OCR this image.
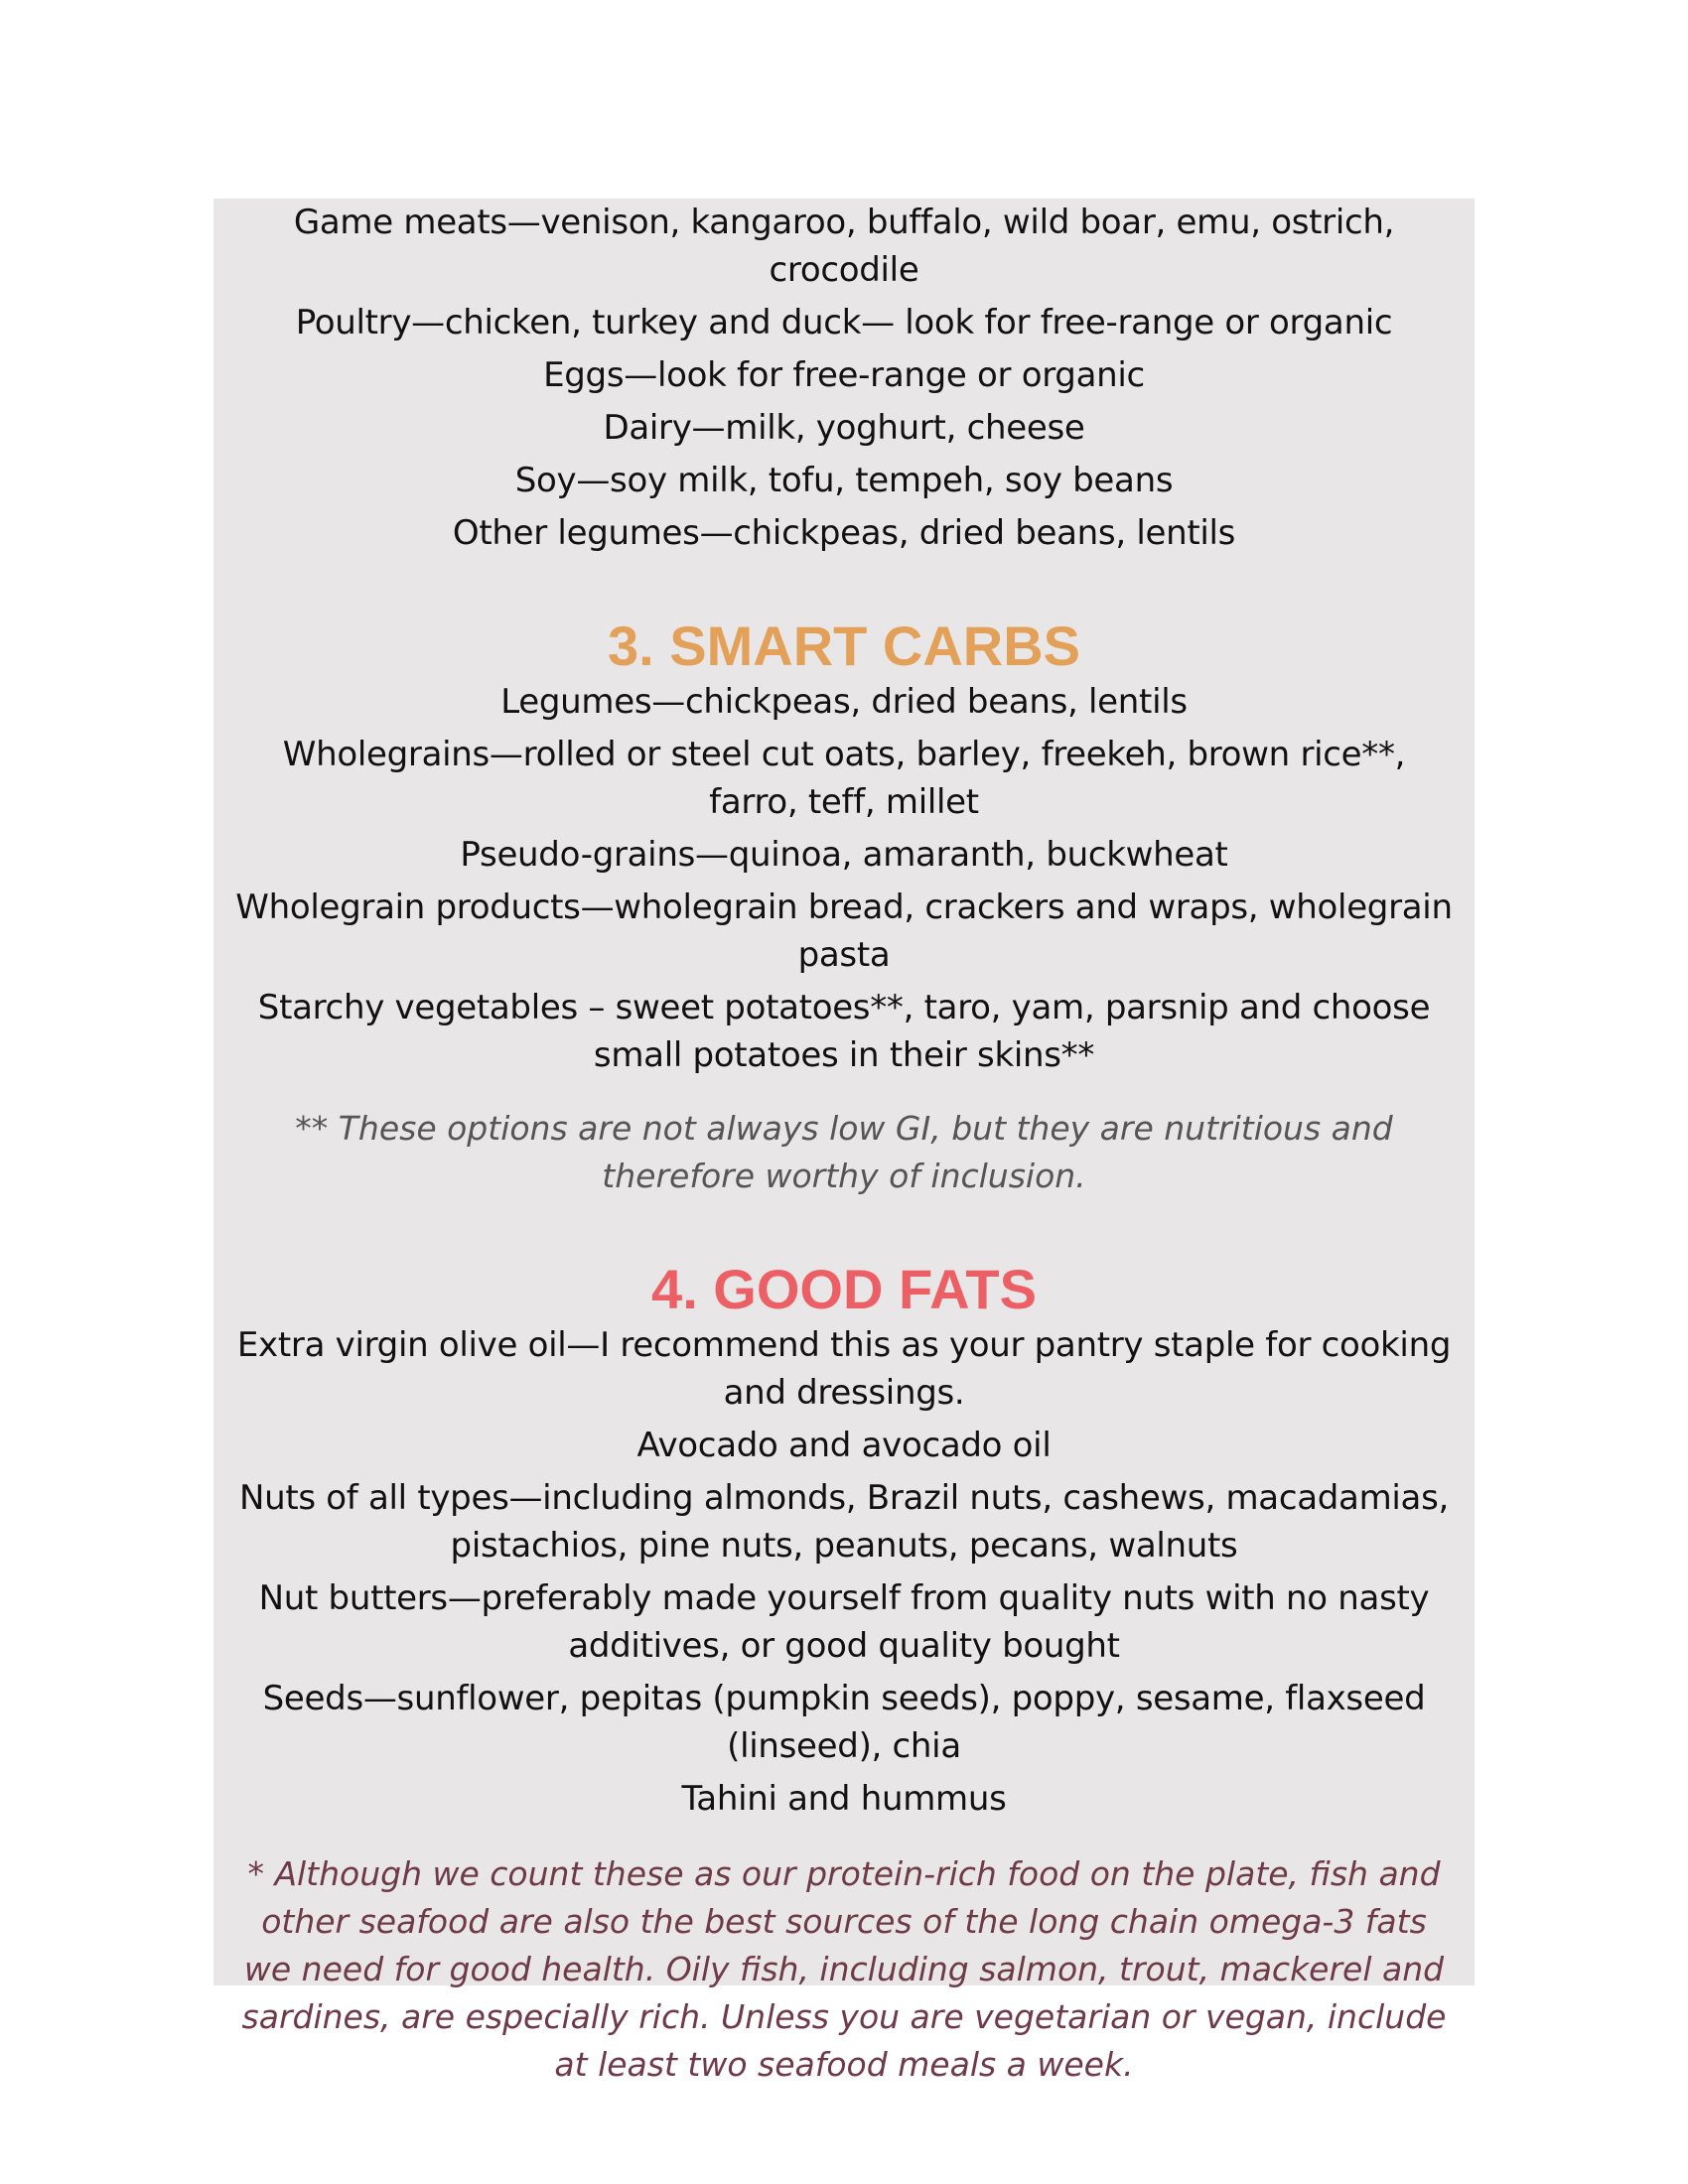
Game meats—venison, kangaroo, buffalo, wild boar, emu, ostrich, crocodile
Poultry—chicken, turkey and duck— look for free-range or organic
Eggs—look for free-range or organic
Dairy—milk, yoghurt, cheese
Soy—soy milk, tofu, tempeh, soy beans
Other legumes—chickpeas, dried beans, lentils
3. SMART CARBS
Legumes—chickpeas, dried beans, lentils
Wholegrains—rolled or steel cut oats, barley, freekeh, brown rice**, farro, teff, millet
Pseudo-grains—quinoa, amaranth, buckwheat
Wholegrain products—wholegrain bread, crackers and wraps, wholegrain pasta
Starchy vegetables – sweet potatoes**, taro, yam, parsnip and choose small potatoes in their skins**
** These options are not always low GI, but they are nutritious and therefore worthy of inclusion.
4. GOOD FATS
Extra virgin olive oil—I recommend this as your pantry staple for cooking and dressings.
Avocado and avocado oil
Nuts of all types—including almonds, Brazil nuts, cashews, macadamias, pistachios, pine nuts, peanuts, pecans, walnuts
Nut butters—preferably made yourself from quality nuts with no nasty additives, or good quality bought
Seeds—sunflower, pepitas (pumpkin seeds), poppy, sesame, flaxseed (linseed), chia
Tahini and hummus
* Although we count these as our protein-rich food on the plate, fish and other seafood are also the best sources of the long chain omega-3 fats we need for good health. Oily fish, including salmon, trout, mackerel and sardines, are especially rich. Unless you are vegetarian or vegan, include at least two seafood meals a week.
